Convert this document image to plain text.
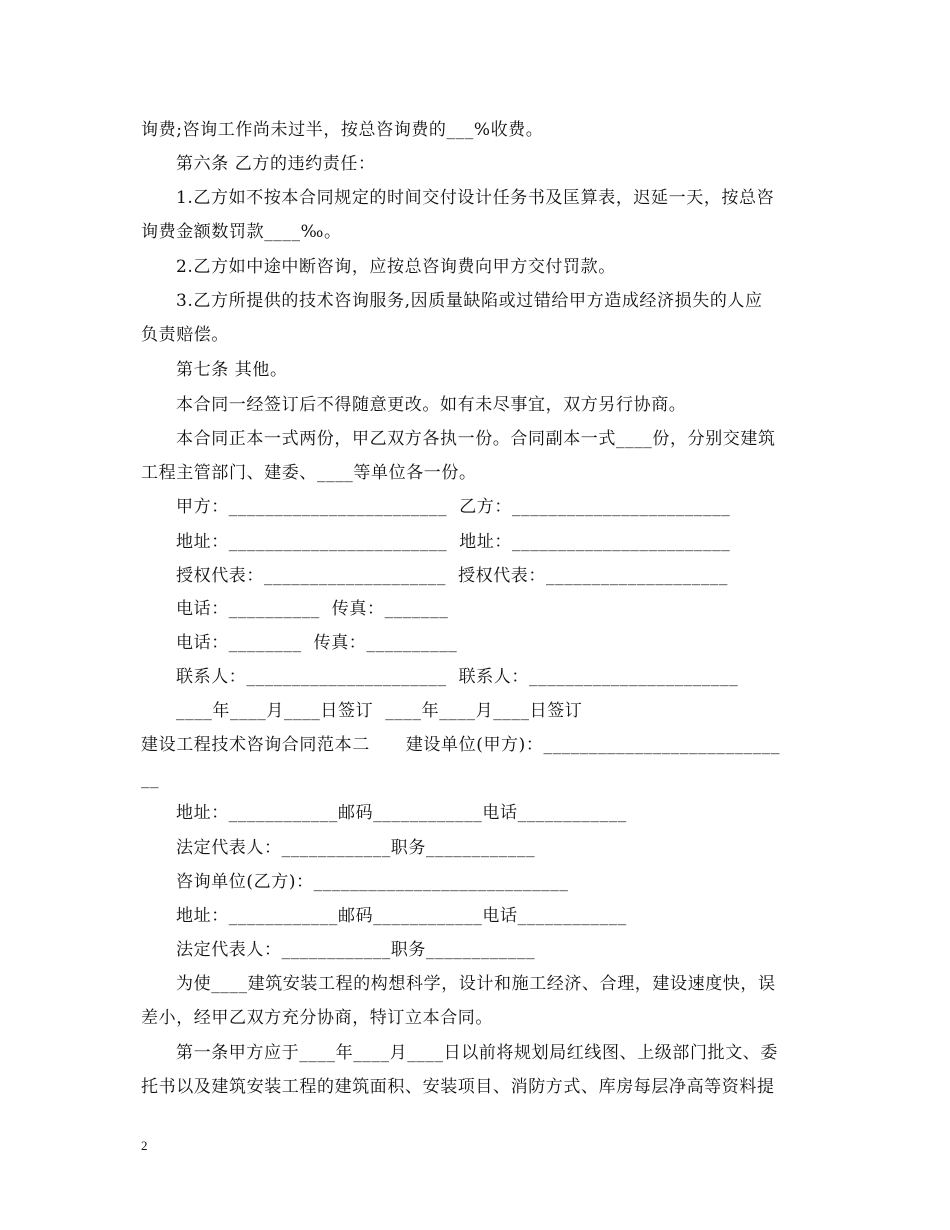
询费;咨询工作尚未过半，按总咨询费的___%收费。
第六条 乙方的违约责任：
1.乙方如不按本合同规定的时间交付设计任务书及匡算表，迟延一天，按总咨
询费金额数罚款____‰。
2.乙方如中途中断咨询，应按总咨询费向甲方交付罚款。
3.乙方所提供的技术咨询服务,因质量缺陷或过错给甲方造成经济损失的人应
负责赔偿。
第七条 其他。
本合同一经签订后不得随意更改。如有未尽事宜，双方另行协商。
本合同正本一式两份，甲乙双方各执一份。合同副本一式____份，分别交建筑
工程主管部门、建委、____等单位各一份。
甲方：________________________  乙方：________________________
地址：________________________  地址：________________________
授权代表：____________________  授权代表：____________________
电话：__________  传真：_______
电话：________  传真：__________
联系人：______________________  联系人：_______________________
____年____月____日签订  ____年____月____日签订
建设工程技术咨询合同范本二      建设单位(甲方)：__________________________
__
地址：____________邮码____________电话____________
法定代表人：____________职务____________
咨询单位(乙方)：____________________________
地址：____________邮码____________电话____________
法定代表人：____________职务____________
为使____建筑安装工程的构想科学，设计和施工经济、合理，建设速度快，误
差小，经甲乙双方充分协商，特订立本合同。
第一条甲方应于____年____月____日以前将规划局红线图、上级部门批文、委
托书以及建筑安装工程的建筑面积、安装项目、消防方式、库房每层净高等资料提
2
